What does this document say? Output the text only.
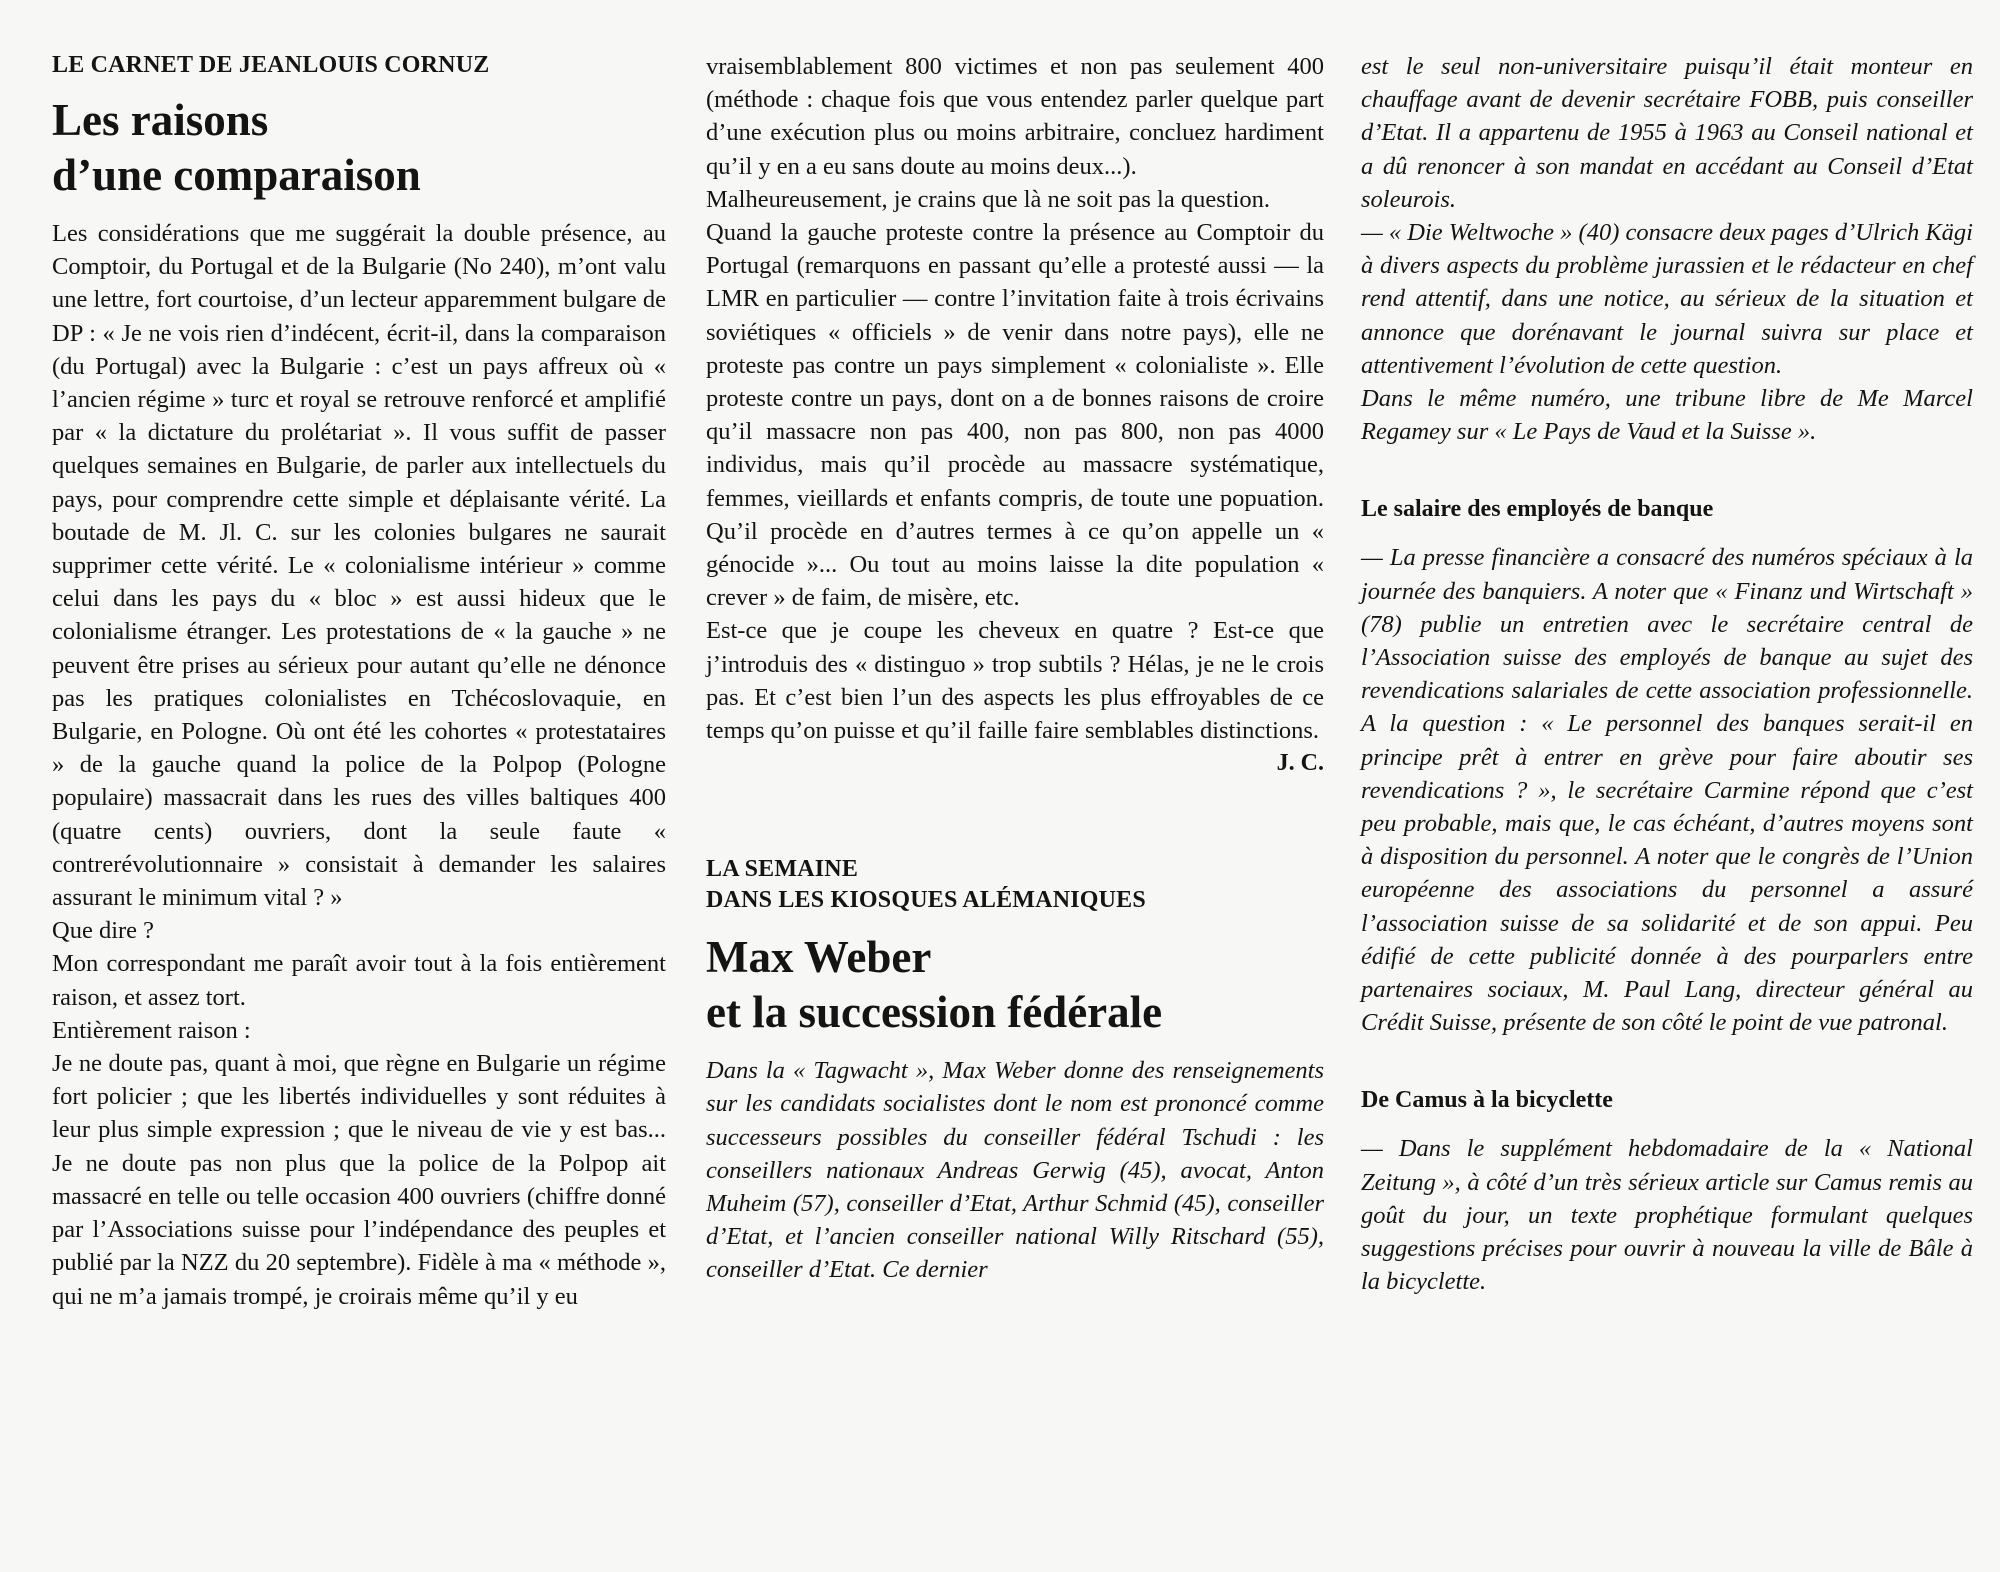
LE CARNET DE JEANLOUIS CORNUZ
Les raisons
d’une comparaison

Les considérations que me suggérait la double présence, au Comptoir, du Portugal et de la Bulgarie (No 240), m’ont valu une lettre, fort courtoise, d’un lecteur apparemment bulgare de DP : « Je ne vois rien d’indécent, écrit-il, dans la comparaison (du Portugal) avec la Bulgarie : c’est un pays affreux où « l’ancien régime » turc et royal se retrouve renforcé et amplifié par « la dictature du prolétariat ». Il vous suffit de passer quelques semaines en Bulgarie, de parler aux intellectuels du pays, pour comprendre cette simple et déplaisante vérité. La boutade de M. Jl. C. sur les colonies bulgares ne saurait supprimer cette vérité. Le « colonialisme intérieur » comme celui dans les pays du « bloc » est aussi hideux que le colonialisme étranger. Les protestations de « la gauche » ne peuvent être prises au sérieux pour autant qu’elle ne dénonce pas les pratiques colonialistes en Tchécoslovaquie, en Bulgarie, en Pologne. Où ont été les cohortes « protestataires » de la gauche quand la police de la Polpop (Pologne populaire) massacrait dans les rues des villes baltiques 400 (quatre cents) ouvriers, dont la seule faute « contrerévolutionnaire » consistait à demander les salaires assurant le minimum vital ? »

Que dire ?

Mon correspondant me paraît avoir tout à la fois entièrement raison, et assez tort.

Entièrement raison :

Je ne doute pas, quant à moi, que règne en Bulgarie un régime fort policier ; que les libertés individuelles y sont réduites à leur plus simple expression ; que le niveau de vie y est bas... Je ne doute pas non plus que la police de la Polpop ait massacré en telle ou telle occasion 400 ouvriers (chiffre donné par l’Associations suisse pour l’indépendance des peuples et publié par la NZZ du 20 septembre). Fidèle à ma « méthode », qui ne m’a jamais trompé, je croirais même qu’il y eu

vraisemblablement 800 victimes et non pas seulement 400 (méthode : chaque fois que vous entendez parler quelque part d’une exécution plus ou moins arbitraire, concluez hardiment qu’il y en a eu sans doute au moins deux...).

Malheureusement, je crains que là ne soit pas la question.

Quand la gauche proteste contre la présence au Comptoir du Portugal (remarquons en passant qu’elle a protesté aussi — la LMR en particulier — contre l’invitation faite à trois écrivains soviétiques « officiels » de venir dans notre pays), elle ne proteste pas contre un pays simplement « colonialiste ». Elle proteste contre un pays, dont on a de bonnes raisons de croire qu’il massacre non pas 400, non pas 800, non pas 4000 individus, mais qu’il procède au massacre systématique, femmes, vieillards et enfants compris, de toute une popuation. Qu’il procède en d’autres termes à ce qu’on appelle un « génocide »... Ou tout au moins laisse la dite population « crever » de faim, de misère, etc.

Est-ce que je coupe les cheveux en quatre ? Est-ce que j’introduis des « distinguo » trop subtils ? Hélas, je ne le crois pas. Et c’est bien l’un des aspects les plus effroyables de ce temps qu’on puisse et qu’il faille faire semblables distinctions.

J. C.
LA SEMAINE
DANS LES KIOSQUES ALÉMANIQUES
Max Weber
et la succession fédérale

Dans la « Tagwacht », Max Weber donne des renseignements sur les candidats socialistes dont le nom est prononcé comme successeurs possibles du conseiller fédéral Tschudi : les conseillers nationaux Andreas Gerwig (45), avocat, Anton Muheim (57), conseiller d’Etat, Arthur Schmid (45), conseiller d’Etat, et l’ancien conseiller national Willy Ritschard (55), conseiller d’Etat. Ce dernier

est le seul non-universitaire puisqu’il était monteur en chauffage avant de devenir secrétaire FOBB, puis conseiller d’Etat. Il a appartenu de 1955 à 1963 au Conseil national et a dû renoncer à son mandat en accédant au Conseil d’Etat soleurois.

— « Die Weltwoche » (40) consacre deux pages d’Ulrich Kägi à divers aspects du problème jurassien et le rédacteur en chef rend attentif, dans une notice, au sérieux de la situation et annonce que dorénavant le journal suivra sur place et attentivement l’évolution de cette question.

Dans le même numéro, une tribune libre de Me Marcel Regamey sur « Le Pays de Vaud et la Suisse ».

Le salaire des employés de banque

— La presse financière a consacré des numéros spéciaux à la journée des banquiers. A noter que « Finanz und Wirtschaft » (78) publie un entretien avec le secrétaire central de l’Association suisse des employés de banque au sujet des revendications salariales de cette association professionnelle. A la question : « Le personnel des banques serait-il en principe prêt à entrer en grève pour faire aboutir ses revendications ? », le secrétaire Carmine répond que c’est peu probable, mais que, le cas échéant, d’autres moyens sont à disposition du personnel. A noter que le congrès de l’Union européenne des associations du personnel a assuré l’association suisse de sa solidarité et de son appui. Peu édifié de cette publicité donnée à des pourparlers entre partenaires sociaux, M. Paul Lang, directeur général au Crédit Suisse, présente de son côté le point de vue patronal.

De Camus à la bicyclette

— Dans le supplément hebdomadaire de la « National Zeitung », à côté d’un très sérieux article sur Camus remis au goût du jour, un texte prophétique formulant quelques suggestions précises pour ouvrir à nouveau la ville de Bâle à la bicyclette.
